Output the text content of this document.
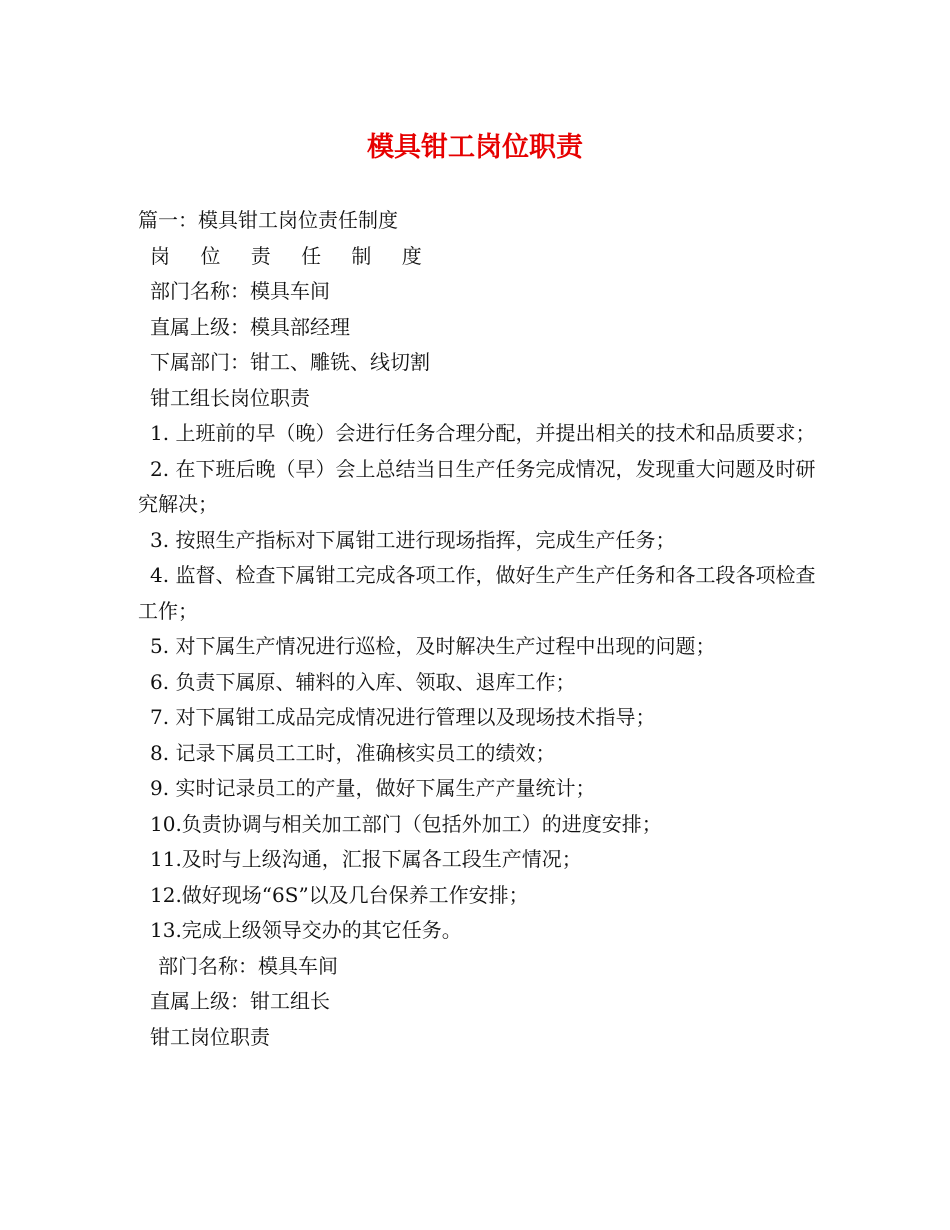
模具钳工岗位职责

篇一：模具钳工岗位责任制度

岗 位 责 任 制 度

部门名称：模具车间

直属上级：模具部经理

下属部门：钳工、雕铣、线切割

钳工组长岗位职责

1. 上班前的早（晚）会进行任务合理分配，并提出相关的技术和品质要求；

2. 在下班后晚（早）会上总结当日生产任务完成情况，发现重大问题及时研究解决；

3. 按照生产指标对下属钳工进行现场指挥，完成生产任务；

4. 监督、检查下属钳工完成各项工作，做好生产生产任务和各工段各项检查工作；

5. 对下属生产情况进行巡检，及时解决生产过程中出现的问题；

6. 负责下属原、辅料的入库、领取、退库工作；

7. 对下属钳工成品完成情况进行管理以及现场技术指导；

8. 记录下属员工工时，准确核实员工的绩效；

9. 实时记录员工的产量，做好下属生产产量统计；

10.负责协调与相关加工部门（包括外加工）的进度安排；

11.及时与上级沟通，汇报下属各工段生产情况；

12.做好现场“6S”以及几台保养工作安排；

13.完成上级领导交办的其它任务。

部门名称：模具车间

直属上级：钳工组长

钳工岗位职责
